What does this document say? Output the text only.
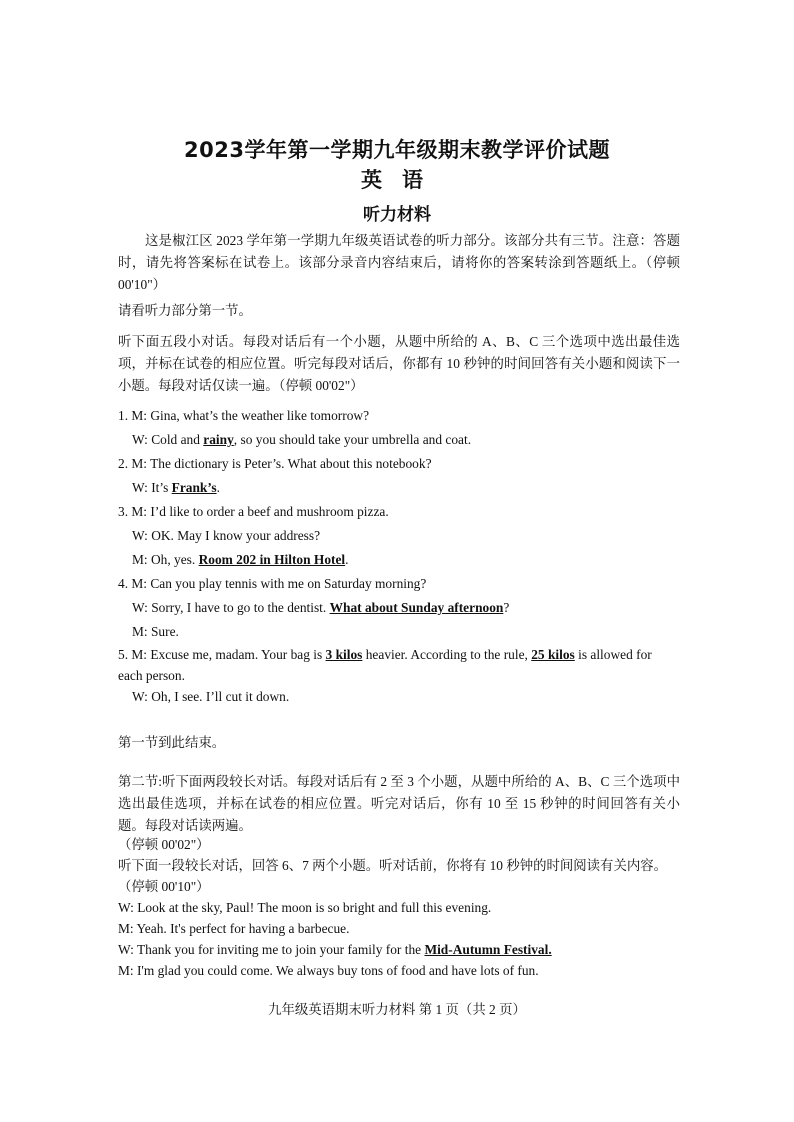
2023学年第一学期九年级期末教学评价试题
英语
听力材料
这是椒江区 2023 学年第一学期九年级英语试卷的听力部分。该部分共有三节。注意：答题时，请先将答案标在试卷上。该部分录音内容结束后，请将你的答案转涂到答题纸上。（停顿 00'10"）
请看听力部分第一节。
听下面五段小对话。每段对话后有一个小题，从题中所给的 A、B、C 三个选项中选出最佳选项，并标在试卷的相应位置。听完每段对话后，你都有 10 秒钟的时间回答有关小题和阅读下一小题。每段对话仅读一遍。（停顿 00'02"）
1. M: Gina, what’s the weather like tomorrow?
W: Cold and rainy, so you should take your umbrella and coat.
2. M: The dictionary is Peter’s. What about this notebook?
W: It’s Frank’s.
3. M: I’d like to order a beef and mushroom pizza.
W: OK. May I know your address?
M: Oh, yes. Room 202 in Hilton Hotel.
4. M: Can you play tennis with me on Saturday morning?
W: Sorry, I have to go to the dentist. What about Sunday afternoon?
M: Sure.
5. M: Excuse me, madam. Your bag is 3 kilos heavier. According to the rule, 25 kilos is allowed for
each person.
W: Oh, I see. I’ll cut it down.
第一节到此结束。
第二节:听下面两段较长对话。每段对话后有 2 至 3 个小题，从题中所给的 A、B、C 三个选项中选出最佳选项，并标在试卷的相应位置。听完对话后，你有 10 至 15 秒钟的时间回答有关小题。每段对话读两遍。
（停顿 00'02"）
听下面一段较长对话，回答 6、7 两个小题。听对话前，你将有 10 秒钟的时间阅读有关内容。
（停顿 00'10"）
W: Look at the sky, Paul! The moon is so bright and full this evening.
M: Yeah. It's perfect for having a barbecue.
W: Thank you for inviting me to join your family for the Mid-Autumn Festival.
M: I'm glad you could come. We always buy tons of food and have lots of fun.
九年级英语期末听力材料 第 1 页（共 2 页）
